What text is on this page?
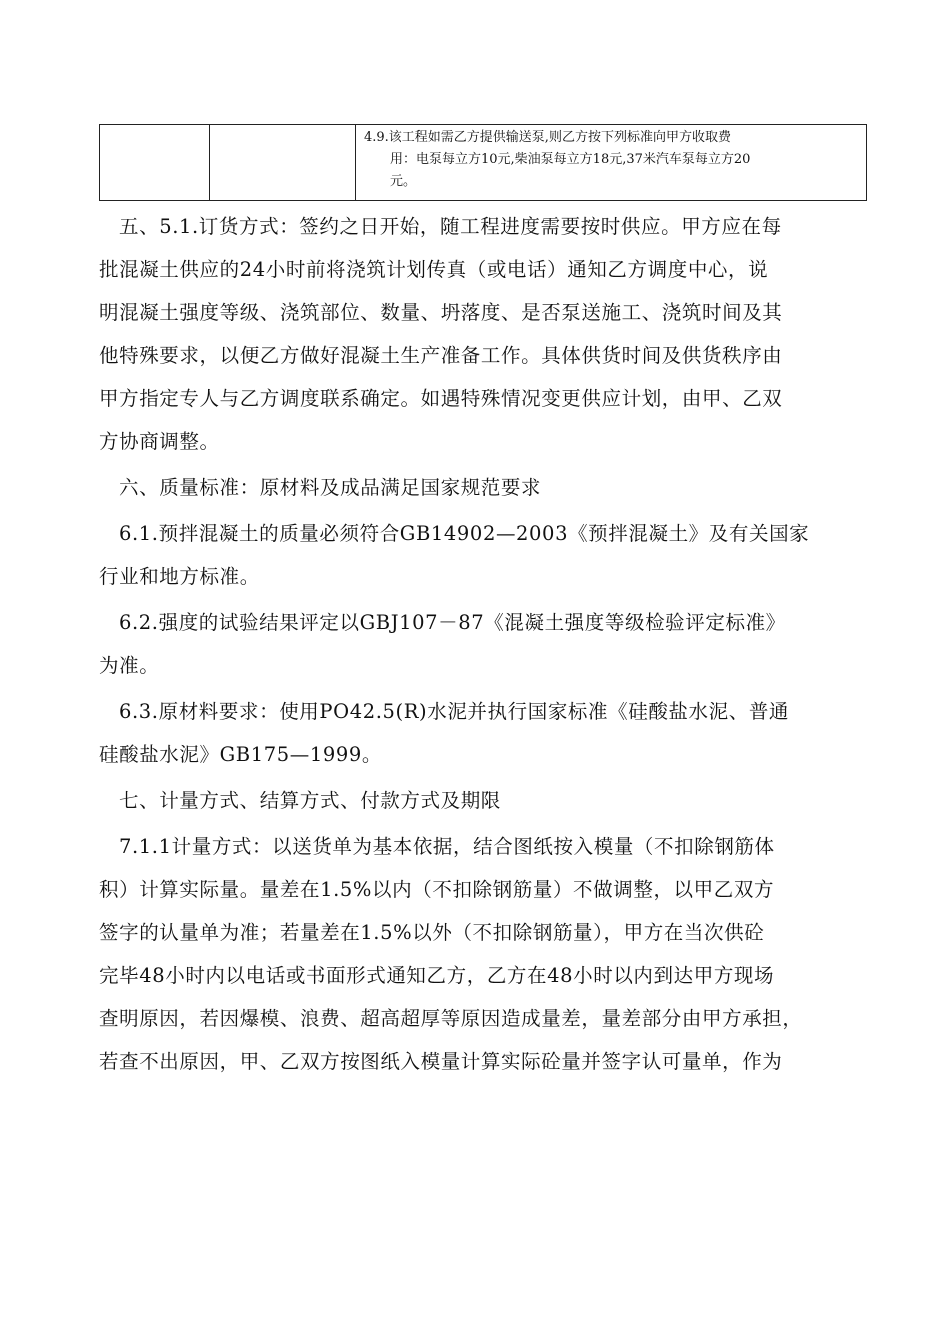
4.9.该工程如需乙方提供输送泵,则乙方按下列标准向甲方收取费
用：电泵每立方10元,柴油泵每立方18元,37米汽车泵每立方20
元。

五、5.1.订货方式：签约之日开始，随工程进度需要按时供应。甲方应在每
批混凝土供应的24小时前将浇筑计划传真（或电话）通知乙方调度中心，说
明混凝土强度等级、浇筑部位、数量、坍落度、是否泵送施工、浇筑时间及其
他特殊要求，以便乙方做好混凝土生产准备工作。具体供货时间及供货秩序由
甲方指定专人与乙方调度联系确定。如遇特殊情况变更供应计划，由甲、乙双
方协商调整。

六、质量标准：原材料及成品满足国家规范要求

6.1.预拌混凝土的质量必须符合GB14902—2003《预拌混凝土》及有关国家
行业和地方标准。

6.2.强度的试验结果评定以GBJ107－87《混凝土强度等级检验评定标准》
为准。

6.3.原材料要求：使用PO42.5(R)水泥并执行国家标准《硅酸盐水泥、普通
硅酸盐水泥》GB175—1999。

七、计量方式、结算方式、付款方式及期限

7.1.1计量方式：以送货单为基本依据，结合图纸按入模量（不扣除钢筋体
积）计算实际量。量差在1.5%以内（不扣除钢筋量）不做调整，以甲乙双方
签字的认量单为准；若量差在1.5%以外（不扣除钢筋量），甲方在当次供砼
完毕48小时内以电话或书面形式通知乙方，乙方在48小时以内到达甲方现场
查明原因，若因爆模、浪费、超高超厚等原因造成量差，量差部分由甲方承担，
若查不出原因，甲、乙双方按图纸入模量计算实际砼量并签字认可量单，作为
